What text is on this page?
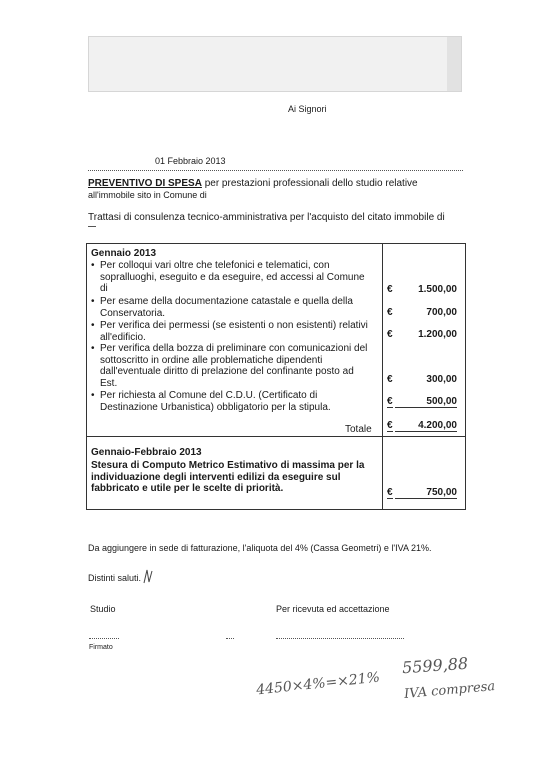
Ai Signori
01 Febbraio 2013
PREVENTIVO DI SPESA per prestazioni professionali dello studio relative
all'immobile sito in Comune di
Trattasi di consulenza tecnico-amministrativa per l'acquisto del citato immobile di
Gennaio 2013
• Per colloqui vari oltre che telefonici e telematici, con
sopralluoghi, eseguito e da eseguire, ed accessi al Comune
di	€	1.500,00
• Per esame della documentazione catastale e quella della
Conservatoria.	€	700,00
• Per verifica dei permessi (se esistenti o non esistenti) relativi
all'edificio.	€	1.200,00
• Per verifica della bozza di preliminare con comunicazioni del
sottoscritto in ordine alle problematiche dipendenti
dall'eventuale diritto di prelazione del confinante posto ad
Est.	€	300,00
• Per richiesta al Comune del C.D.U. (Certificato di
Destinazione Urbanistica) obbligatorio per la stipula.	€	500,00
Totale €	4.200,00
Gennaio-Febbraio 2013
Stesura di Computo Metrico Estimativo di massima per la
individuazione degli interventi edilizi da eseguire sul
fabbricato e utile per le scelte di priorità.	€	750,00
Da aggiungere in sede di fatturazione, l'aliquota del 4% (Cassa Geometri) e l'IVA 21%.
Distinti saluti.
Studio	Per ricevuta ed accettazione
Firmato
4450×4%=×21%
5599,88
IVA compresa
